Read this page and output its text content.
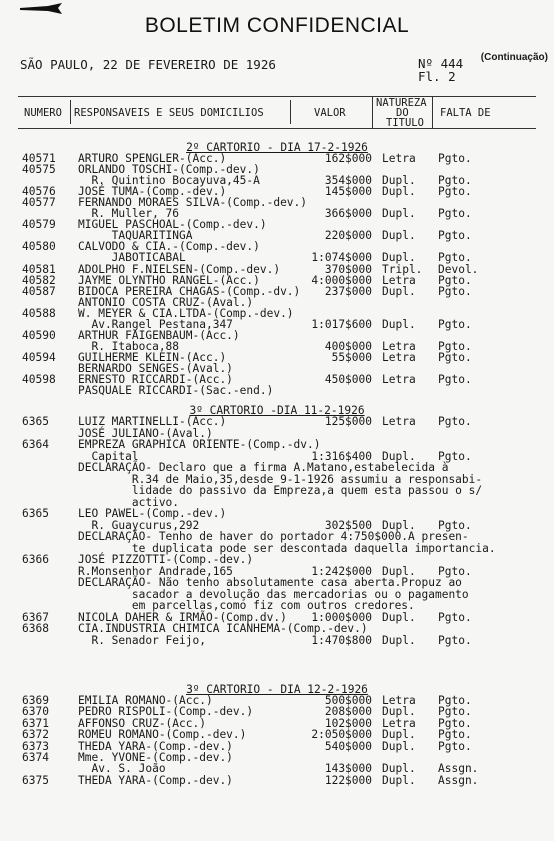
BOLETIM CONFIDENCIAL
(Continuação)
SÃO PAULO, 22 DE FEVEREIRO DE 1926	Nº 444
Fl. 2
NUMERO RESPONSAVEIS E SEUS DOMICILIOS	VALOR
NATUREZA
DO
TITULO
FALTA DE
2º CARTORIO - DIA 17-2-1926
3º CARTORIO -DIA 11-2-1926
3º CARTORIO - DIA 12-2-1926
40571 ARTURO SPENGLER-(Acc.)	162$000 Letra Pgto.
40575 ORLANDO TOSCHI-(Comp.-dev.)
R. Quintino Bocayuva,45-A	354$000 Dupl. Pgto.
40576 JOSÉ TUMA-(Comp.-dev.)	145$000 Dupl. Pgto.
40577 FERNANDO MORAES SILVA-(Comp.-dev.)
R. Muller, 76	366$000 Dupl. Pgto.
40579 MIGUEL PASCHOAL-(Comp.-dev.)
TAQUARITINGA	220$000 Dupl. Pgto.
40580 CALVODO & CIA.-(Comp.-dev.)
JABOTICABAL	1:074$000 Dupl. Pgto.
40581 ADOLPHO F.NIELSEN-(Comp.-dev.)	370$000 Tripl. Devol.
40582 JAYME OLYNTHO RANGEL-(Acc.)	4:000$000 Letra Pgto.
40587 BIDOCA PEREIRA CHAGAS-(Comp.-dv.)	237$000 Dupl. Pgto.
ANTONIO COSTA CRUZ-(Aval.)
40588 W. MEYER & CIA.LTDA-(Comp.-dev.)
Av.Rangel Pestana,347	1:017$600 Dupl. Pgto.
40590 ARTHUR FAIGENBAUM-(Acc.)
R. Itaboca,88	400$000 Letra Pgto.
40594 GUILHERME KLEIN-(Acc.)	55$000 Letra Pgto.
BERNARDO SENGES-(Aval.)
40598 ERNESTO RICCARDI-(Acc.)	450$000 Letra Pgto.
PASQUALE RICCARDI-(Sac.-end.)
6365	LUIZ MARTINELLI-(Acc.)	125$000 Letra Pgto.
JOSÉ JULIANO-(Aval.)
6364	EMPREZA GRAPHICA ORIENTE-(Comp.-dv.)
Capital	1:316$400 Dupl. Pgto.
DECLARAÇÃO- Declaro que a firma A.Matano,estabelecida à
R.34 de Maio,35,desde 9-1-1926 assumiu a responsabi-
lidade do passivo da Empreza,a quem esta passou o s/
activo.
6365	LEO PAWEL-(Comp.-dev.)
R. Guaycurus,292	302$500 Dupl. Pgto.
DECLARAÇÃO- Tenho de haver do portador 4:750$000.A presen-
te duplicata pode ser descontada daquella importancia.
6366	JOSÉ PIZZOTTI-(Comp.-dev.)
R.Monsenhor Andrade,165	1:242$000 Dupl. Pgto.
DECLARAÇÃO- Não tenho absolutamente casa aberta.Propuz ao
sacador a devolução das mercadorias ou o pagamento
em parcellas,como fiz com outros credores.
6367	NICOLA DAHER & IRMÃO-(Comp.dv.)	1:000$000 Dupl. Pgto.
6368	CIA.INDUSTRIA CHIMICA ICANHEMA-(Comp.-dev.)
R. Senador Feijo,	1:470$800 Dupl. Pgto.
6369	EMILIA ROMANO-(Acc.)	500$000 Letra Pgto.
6370	PEDRO RISPOLI-(Comp.-dev.)	208$000 Dupl. Pgto.
6371	AFFONSO CRUZ-(Acc.)	102$000 Letra Pgto.
6372	ROMEU ROMANO-(Comp.-dev.)	2:050$000 Dupl. Pgto.
6373	THEDA YARA-(Comp.-dev.)	540$000 Dupl. Pgto.
6374	Mme. YVONE-(Comp.-dev.)
Av. S. João	143$000 Dupl. Assgn.
6375	THEDA YARA-(Comp.-dev.)	122$000 Dupl. Assgn.
